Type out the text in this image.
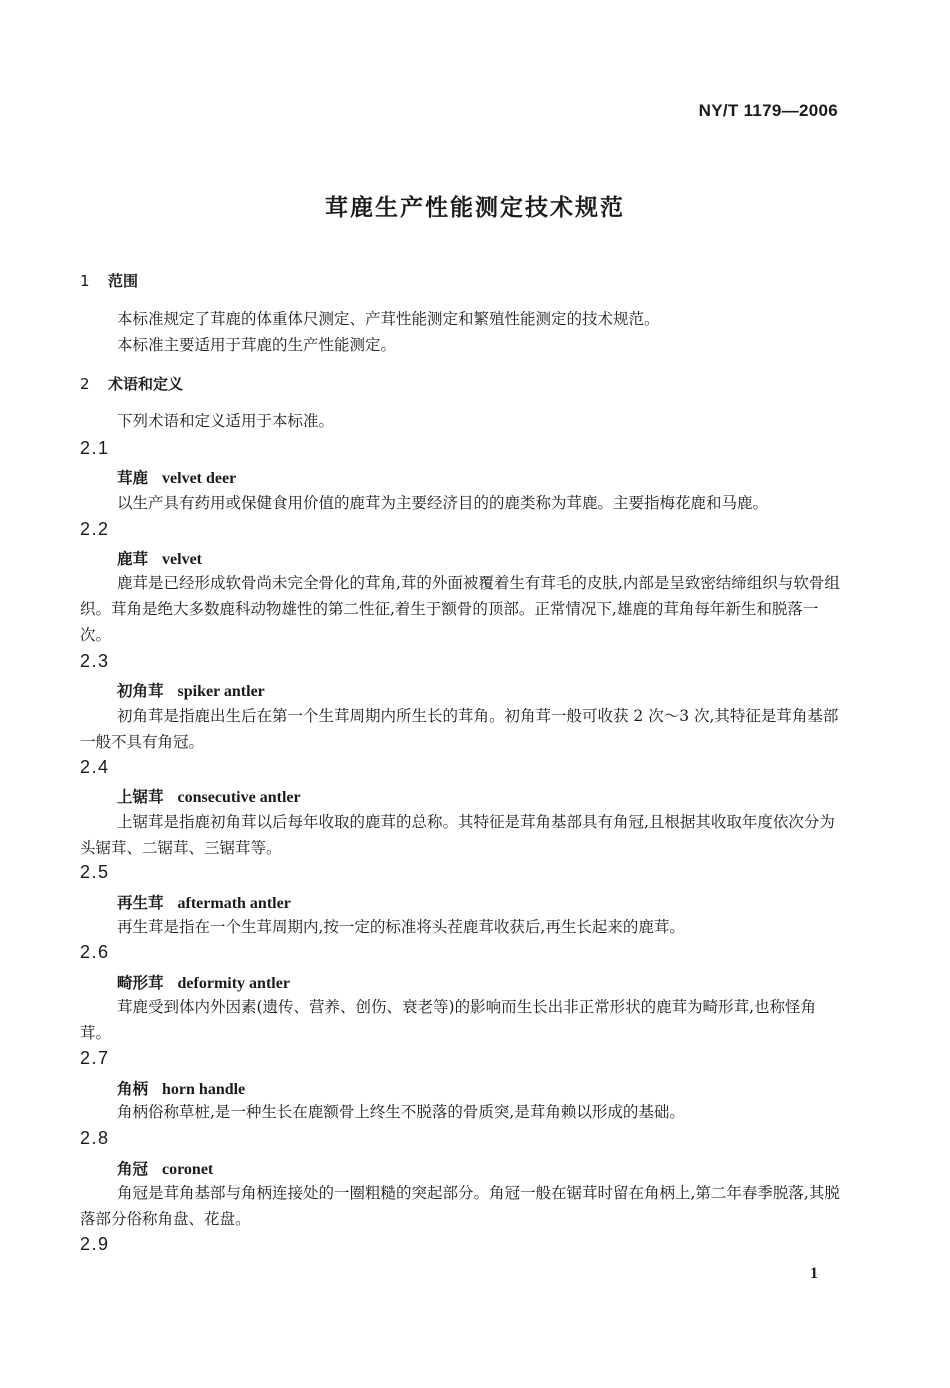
NY/T 1179—2006
茸鹿生产性能测定技术规范
1 范围
本标准规定了茸鹿的体重体尺测定、产茸性能测定和繁殖性能测定的技术规范。
本标准主要适用于茸鹿的生产性能测定。
2 术语和定义
下列术语和定义适用于本标准。
2.1
茸鹿 velvet deer
以生产具有药用或保健食用价值的鹿茸为主要经济目的的鹿类称为茸鹿。主要指梅花鹿和马鹿。
2.2
鹿茸 velvet
鹿茸是已经形成软骨尚未完全骨化的茸角,茸的外面被覆着生有茸毛的皮肤,内部是呈致密结缔组织与软骨组织。茸角是绝大多数鹿科动物雄性的第二性征,着生于额骨的顶部。正常情况下,雄鹿的茸角每年新生和脱落一次。
2.3
初角茸 spiker antler
初角茸是指鹿出生后在第一个生茸周期内所生长的茸角。初角茸一般可收获 2 次～3 次,其特征是茸角基部一般不具有角冠。
2.4
上锯茸 consecutive antler
上锯茸是指鹿初角茸以后每年收取的鹿茸的总称。其特征是茸角基部具有角冠,且根据其收取年度依次分为头锯茸、二锯茸、三锯茸等。
2.5
再生茸 aftermath antler
再生茸是指在一个生茸周期内,按一定的标准将头茬鹿茸收获后,再生长起来的鹿茸。
2.6
畸形茸 deformity antler
茸鹿受到体内外因素(遗传、营养、创伤、衰老等)的影响而生长出非正常形状的鹿茸为畸形茸,也称怪角茸。
2.7
角柄 horn handle
角柄俗称草桩,是一种生长在鹿额骨上终生不脱落的骨质突,是茸角赖以形成的基础。
2.8
角冠 coronet
角冠是茸角基部与角柄连接处的一圈粗糙的突起部分。角冠一般在锯茸时留在角柄上,第二年春季脱落,其脱落部分俗称角盘、花盘。
2.9
1
